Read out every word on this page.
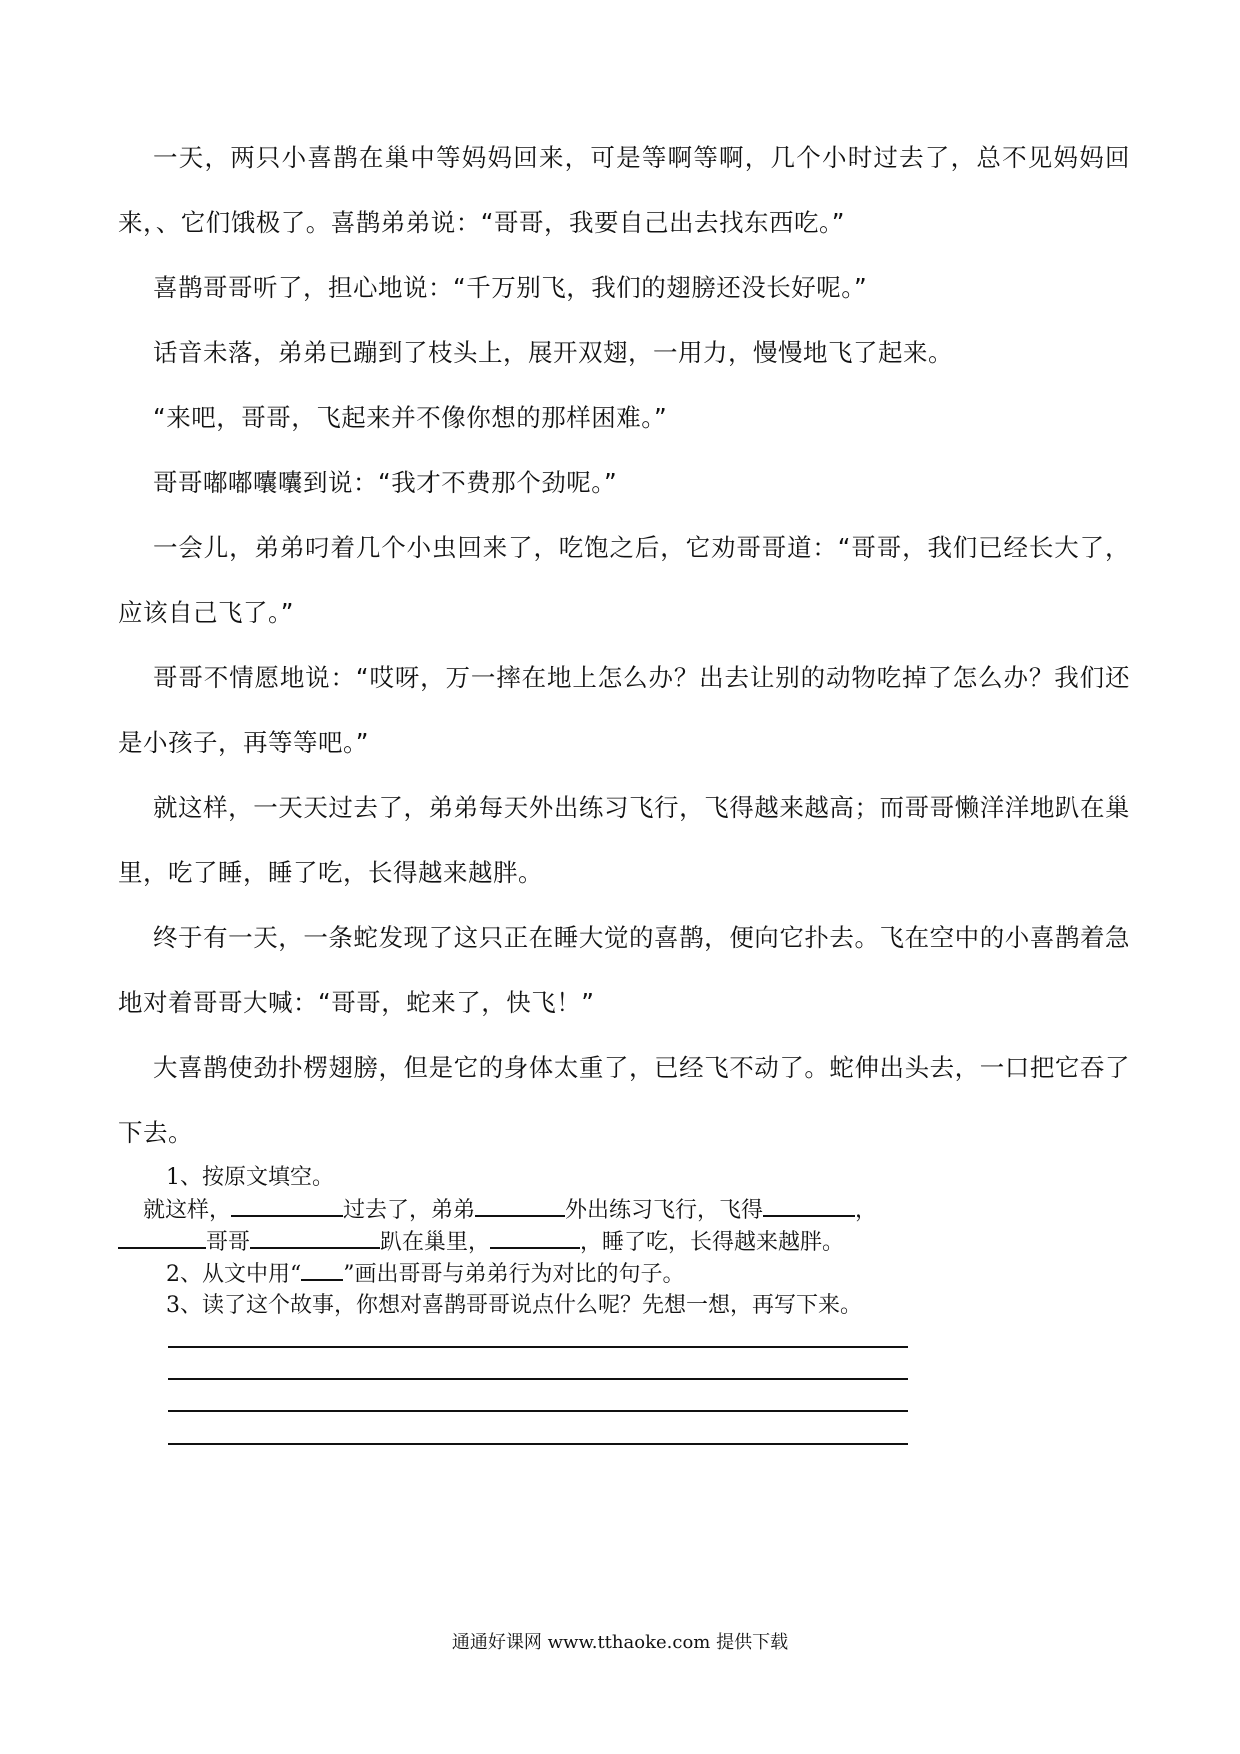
一天，两只小喜鹊在巢中等妈妈回来，可是等啊等啊，几个小时过去了，总不见妈妈回来，、它们饿极了。喜鹊弟弟说：“哥哥，我要自己出去找东西吃。”

喜鹊哥哥听了，担心地说：“千万别飞，我们的翅膀还没长好呢。”

话音未落，弟弟已蹦到了枝头上，展开双翅，一用力，慢慢地飞了起来。

“来吧，哥哥，飞起来并不像你想的那样困难。”

哥哥嘟嘟囔囔到说：“我才不费那个劲呢。”

一会儿，弟弟叼着几个小虫回来了，吃饱之后，它劝哥哥道：“哥哥，我们已经长大了，应该自己飞了。”

哥哥不情愿地说：“哎呀，万一摔在地上怎么办？出去让别的动物吃掉了怎么办？我们还是小孩子，再等等吧。”

就这样，一天天过去了，弟弟每天外出练习飞行，飞得越来越高；而哥哥懒洋洋地趴在巢里，吃了睡，睡了吃，长得越来越胖。

终于有一天，一条蛇发现了这只正在睡大觉的喜鹊，便向它扑去。飞在空中的小喜鹊着急地对着哥哥大喊：“哥哥，蛇来了，快飞！”

大喜鹊使劲扑楞翅膀，但是它的身体太重了，已经飞不动了。蛇伸出头去，一口把它吞了下去。

1、按原文填空。
就这样，	过去了，弟弟	外出练习飞行，飞得	，
哥哥	趴在巢里，	，睡了吃，长得越来越胖。
2、从文中用“ ”画出哥哥与弟弟行为对比的句子。
3、读了这个故事，你想对喜鹊哥哥说点什么呢？先想一想，再写下来。
通通好课网 www.tthaoke.com 提供下载
